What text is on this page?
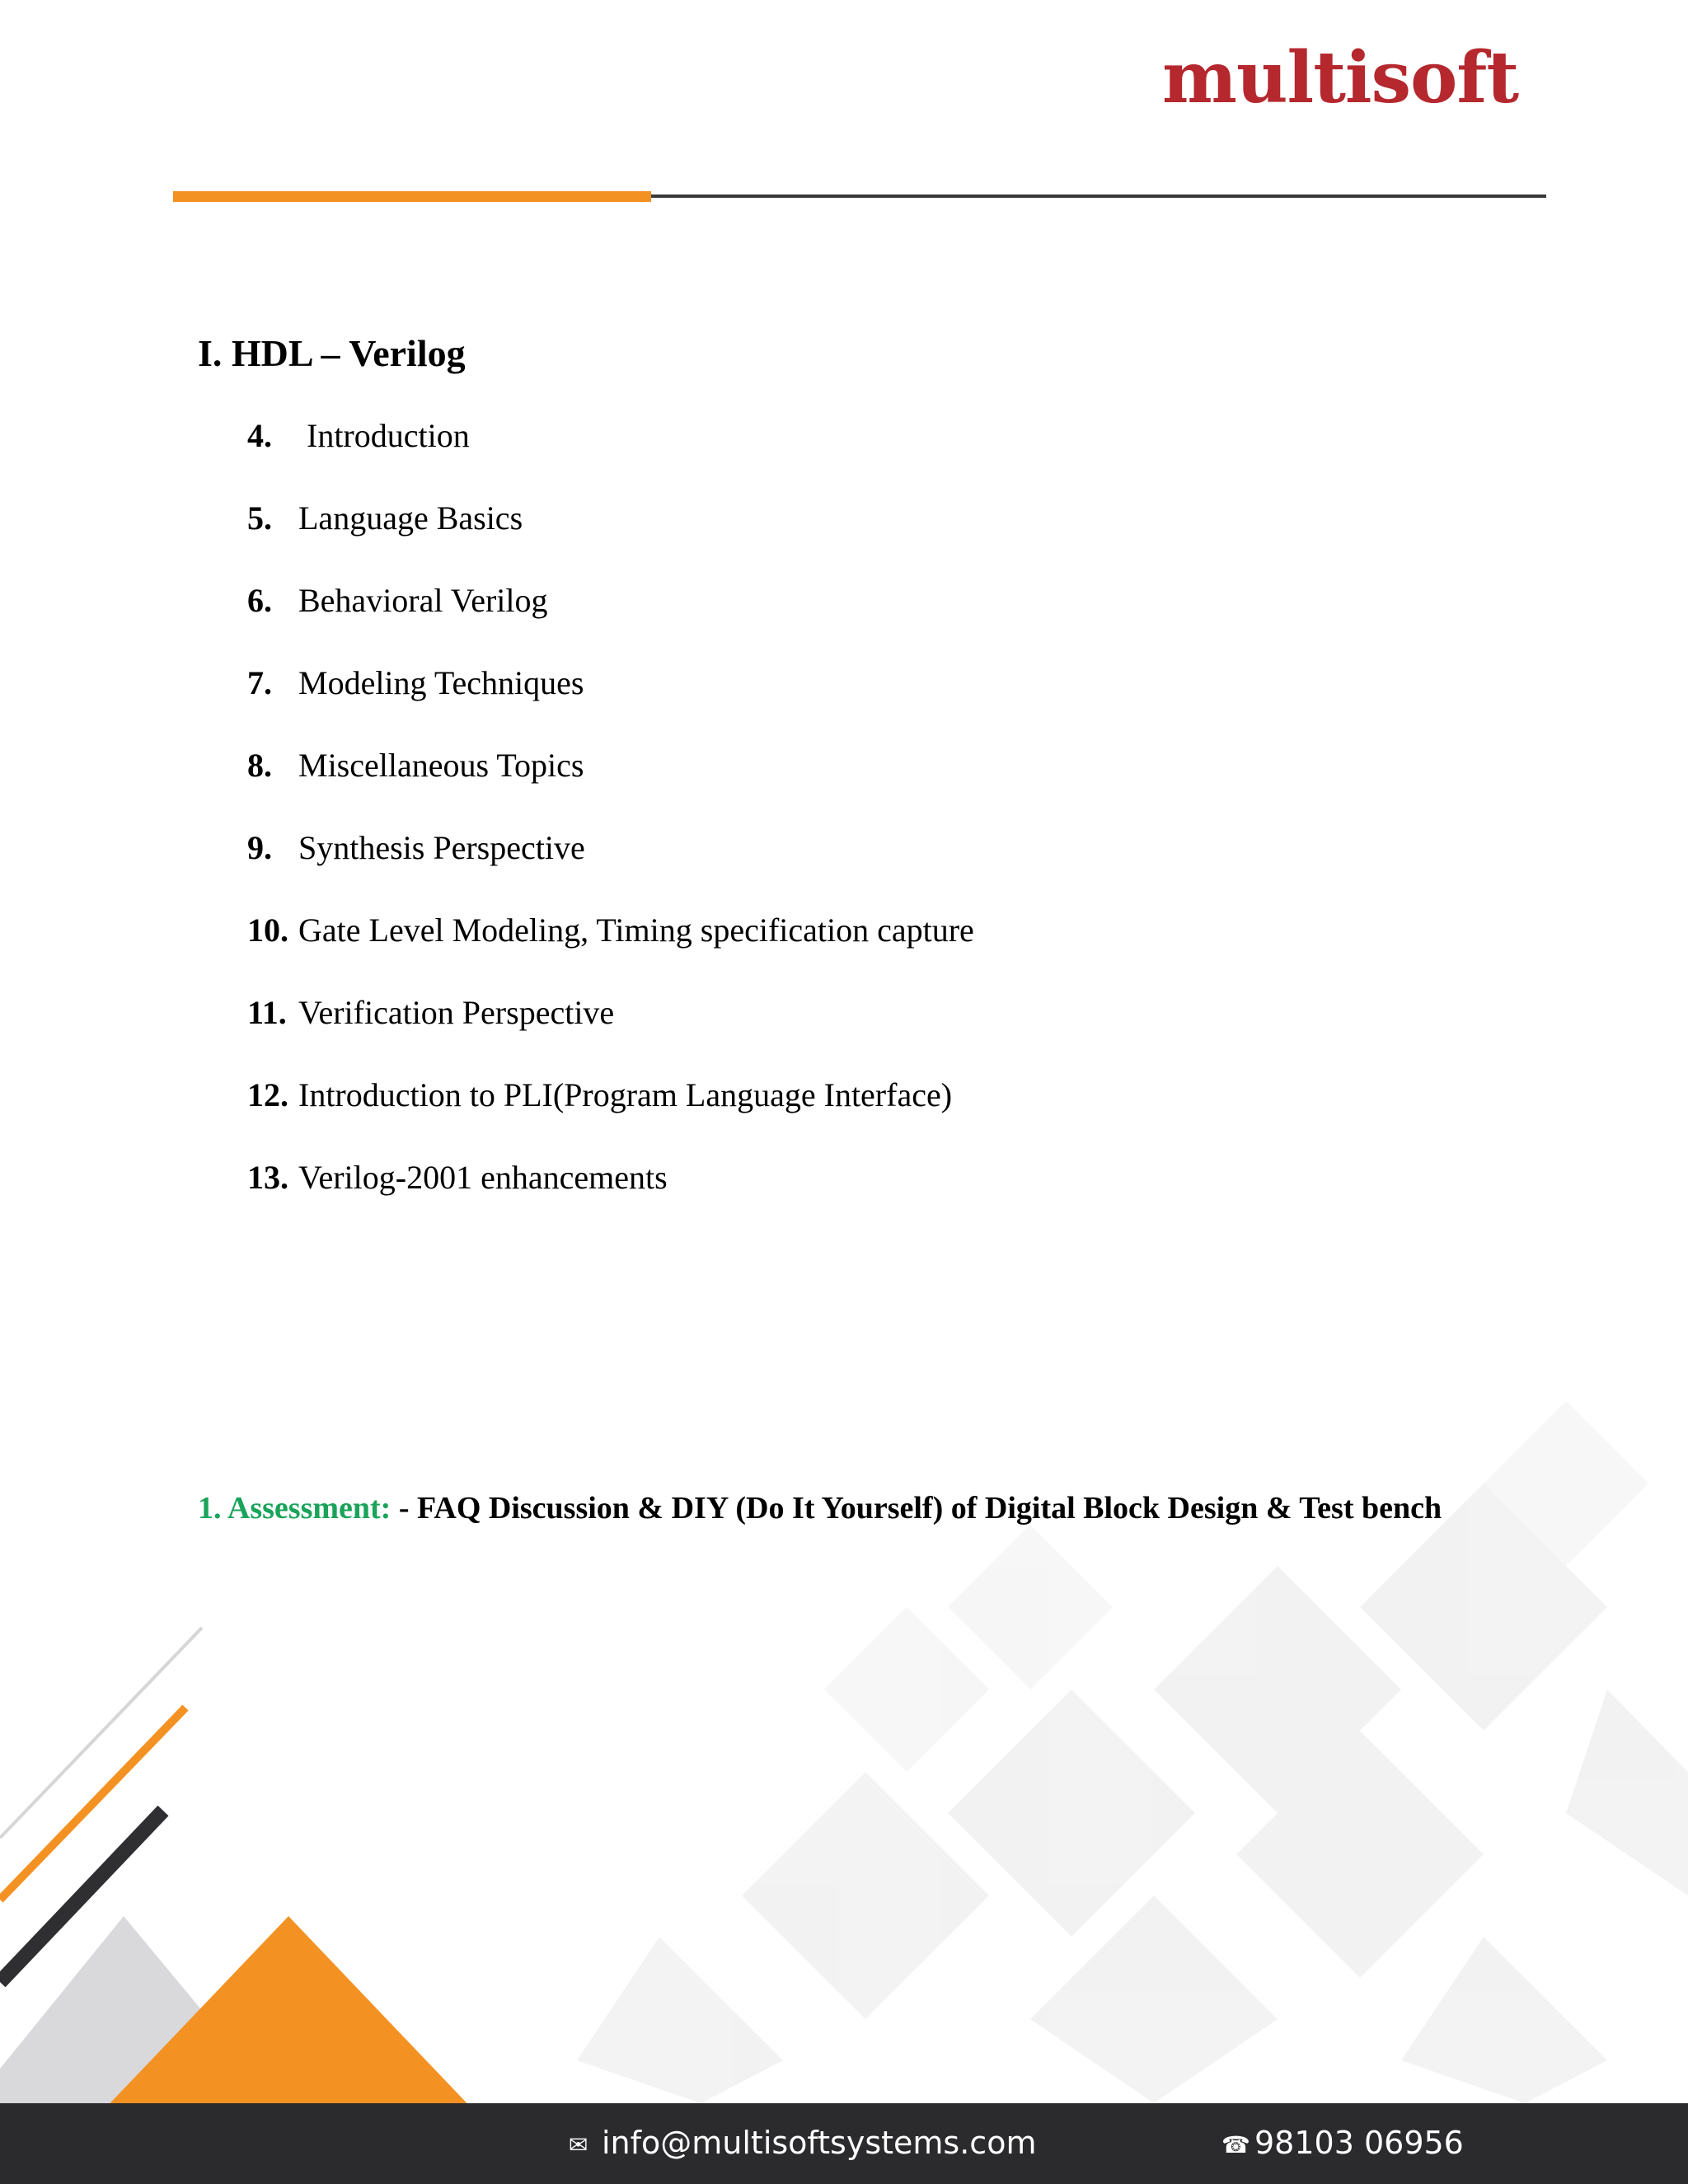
multisoft
I. HDL – Verilog
4. Introduction
5. Language Basics
6. Behavioral Verilog
7. Modeling Techniques
8. Miscellaneous Topics
9. Synthesis Perspective
10. Gate Level Modeling, Timing specification capture
11. Verification Perspective
12. Introduction to PLI(Program Language Interface)
13. Verilog-2001 enhancements
1. Assessment: - FAQ Discussion & DIY (Do It Yourself) of Digital Block Design & Test bench
✉ info@multisoftsystems.com	☎ 98103 06956
